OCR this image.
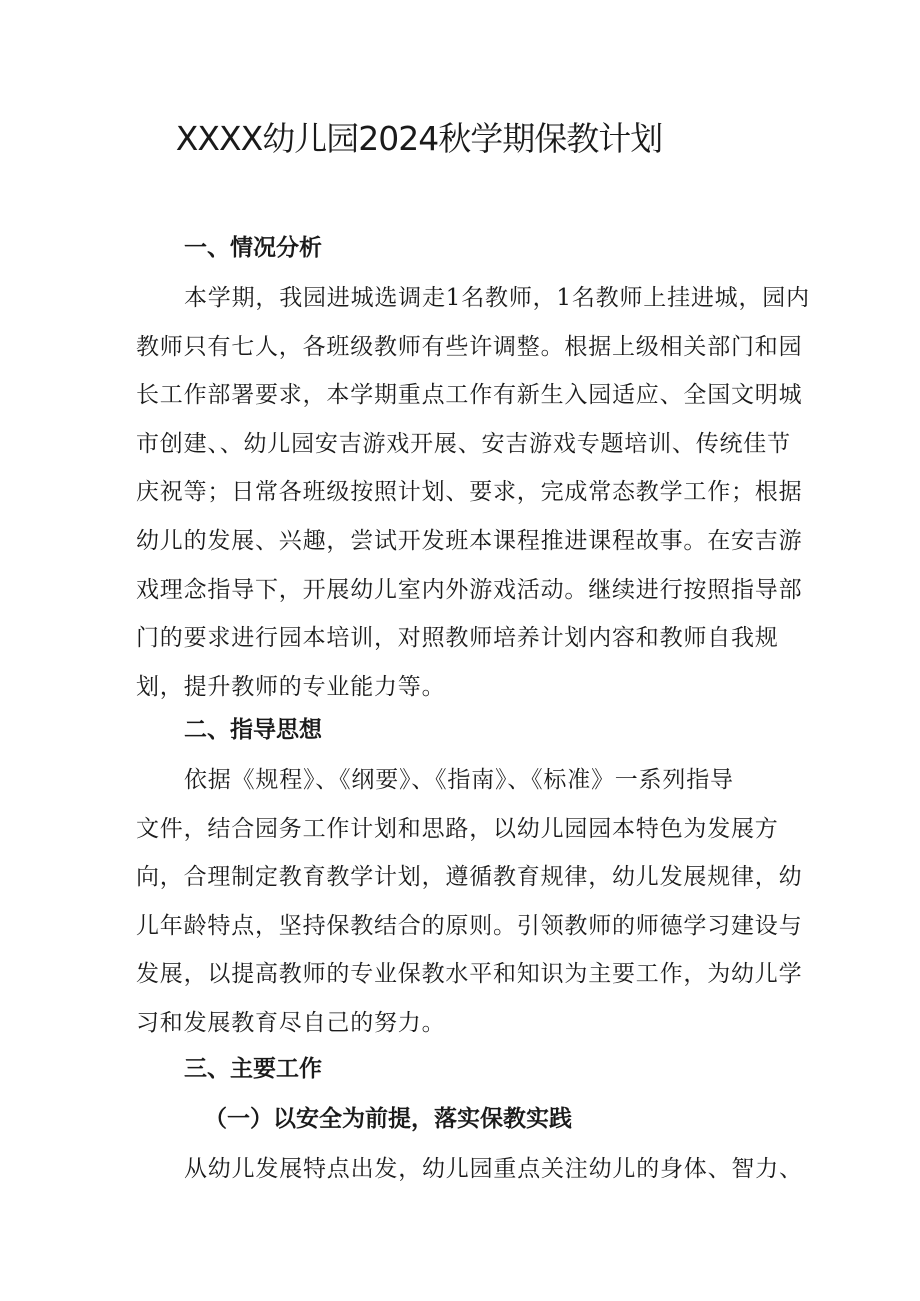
XXXX幼儿园2024秋学期保教计划
一、情况分析
本学期，我园进城选调走1名教师，1名教师上挂进城，园内
教师只有七人，各班级教师有些许调整。根据上级相关部门和园
长工作部署要求，本学期重点工作有新生入园适应、全国文明城
市创建、、幼儿园安吉游戏开展、安吉游戏专题培训、传统佳节
庆祝等；日常各班级按照计划、要求，完成常态教学工作；根据
幼儿的发展、兴趣，尝试开发班本课程推进课程故事。在安吉游
戏理念指导下，开展幼儿室内外游戏活动。继续进行按照指导部
门的要求进行园本培训，对照教师培养计划内容和教师自我规
划，提升教师的专业能力等。
二、指导思想
依据《规程》、《纲要》、《指南》、《标准》一系列指导
文件，结合园务工作计划和思路，以幼儿园园本特色为发展方
向，合理制定教育教学计划，遵循教育规律，幼儿发展规律，幼
儿年龄特点，坚持保教结合的原则。引领教师的师德学习建设与
发展，以提高教师的专业保教水平和知识为主要工作，为幼儿学
习和发展教育尽自己的努力。
三、主要工作
（一）以安全为前提，落实保教实践
从幼儿发展特点出发，幼儿园重点关注幼儿的身体、智力、
